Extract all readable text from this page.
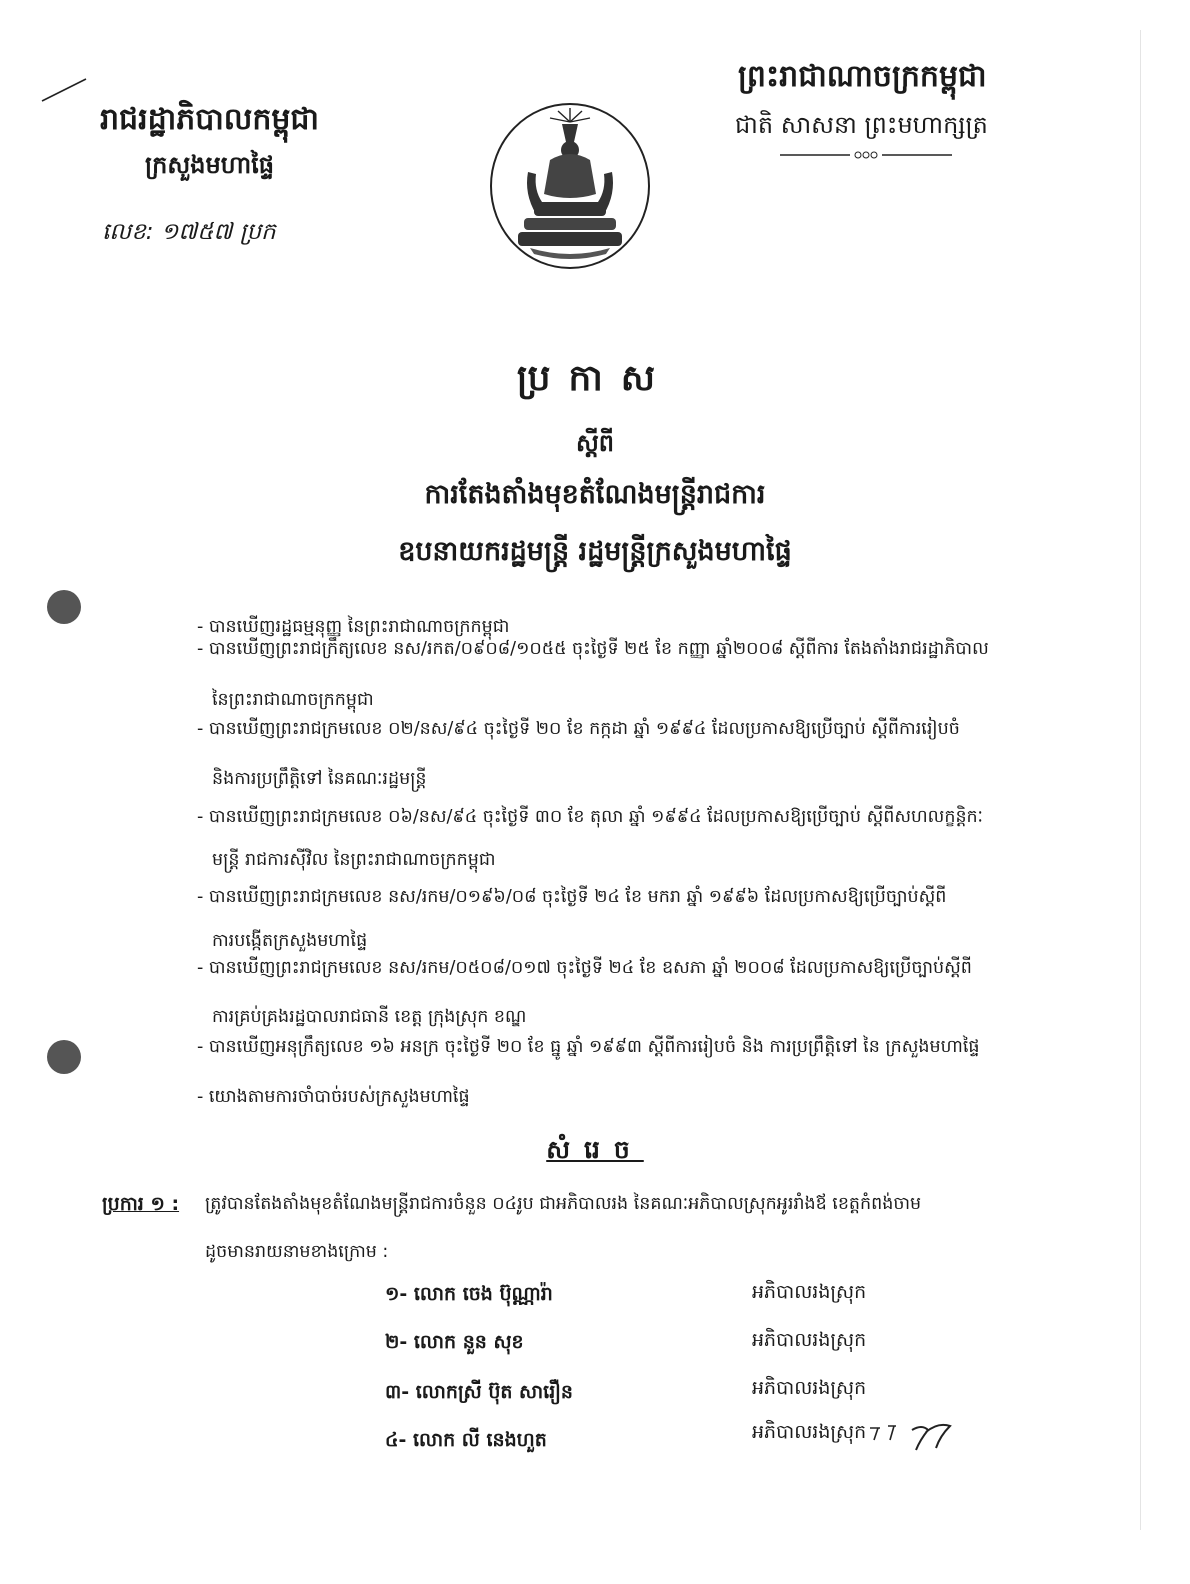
រាជរដ្ឋាភិបាលកម្ពុជា
ក្រសួងមហាផ្ទៃ
លេខ: ១៧៥៧ ប្រក
ព្រះរាជាណាចក្រកម្ពុជា
ជាតិ សាសនា ព្រះមហាក្សត្រ
ប្រកាស
ស្តីពី
ការតែងតាំងមុខតំណែងមន្ត្រីរាជការ
ឧបនាយករដ្ឋមន្ត្រី រដ្ឋមន្ត្រីក្រសួងមហាផ្ទៃ
- បានឃើញរដ្ឋធម្មនុញ្ញ នៃព្រះរាជាណាចក្រកម្ពុជា
- បានឃើញព្រះរាជក្រឹត្យលេខ នស/រកត/០៩០៨/១០៥៥ ចុះថ្ងៃទី ២៥ ខែ កញ្ញា ឆ្នាំ២០០៨ ស្តីពីការ តែងតាំងរាជរដ្ឋាភិបាល
នៃព្រះរាជាណាចក្រកម្ពុជា
- បានឃើញព្រះរាជក្រមលេខ ០២/នស/៩៤ ចុះថ្ងៃទី ២០ ខែ កក្កដា ឆ្នាំ ១៩៩៤ ដែលប្រកាសឱ្យប្រើច្បាប់ ស្តីពីការរៀបចំ
និងការប្រព្រឹត្តិទៅ នៃគណៈរដ្ឋមន្ត្រី
- បានឃើញព្រះរាជក្រមលេខ ០៦/នស/៩៤ ចុះថ្ងៃទី ៣០ ខែ តុលា ឆ្នាំ ១៩៩៤ ដែលប្រកាសឱ្យប្រើច្បាប់ ស្តីពីសហលក្ខន្តិកៈ
មន្ត្រី រាជការស៊ីវិល នៃព្រះរាជាណាចក្រកម្ពុជា
- បានឃើញព្រះរាជក្រមលេខ នស/រកម/០១៩៦/០៨ ចុះថ្ងៃទី ២៤ ខែ មករា ឆ្នាំ ១៩៩៦ ដែលប្រកាសឱ្យប្រើច្បាប់ស្តីពី
ការបង្កើតក្រសួងមហាផ្ទៃ
- បានឃើញព្រះរាជក្រមលេខ នស/រកម/០៥០៨/០១៧ ចុះថ្ងៃទី ២៤ ខែ ឧសភា ឆ្នាំ ២០០៨ ដែលប្រកាសឱ្យប្រើច្បាប់ស្តីពី
ការគ្រប់គ្រងរដ្ឋបាលរាជធានី ខេត្ត ក្រុងស្រុក ខណ្ឌ
- បានឃើញអនុក្រឹត្យលេខ ១៦ អនក្រ ចុះថ្ងៃទី ២០ ខែ ធ្នូ ឆ្នាំ ១៩៩៣ ស្តីពីការរៀបចំ និង ការប្រព្រឹត្តិទៅ នៃ ក្រសួងមហាផ្ទៃ
- យោងតាមការចាំបាច់របស់ក្រសួងមហាផ្ទៃ
សំរេច
ប្រការ ១ : ត្រូវបានតែងតាំងមុខតំណែងមន្ត្រីរាជការចំនួន ០៤រូប ជាអភិបាលរង នៃគណៈអភិបាលស្រុកអូររាំងឪ ខេត្តកំពង់ចាម
ដូចមានរាយនាមខាងក្រោម :
១- លោក ចេង ប៊ុណ្ណារ៉ា	អភិបាលរងស្រុក
២- លោក នួន សុខ	អភិបាលរងស្រុក
៣- លោកស្រី ប៊ុត សារឿន	អភិបាលរងស្រុក
៤- លោក លី នេងហួត	អភិបាលរងស្រុក
